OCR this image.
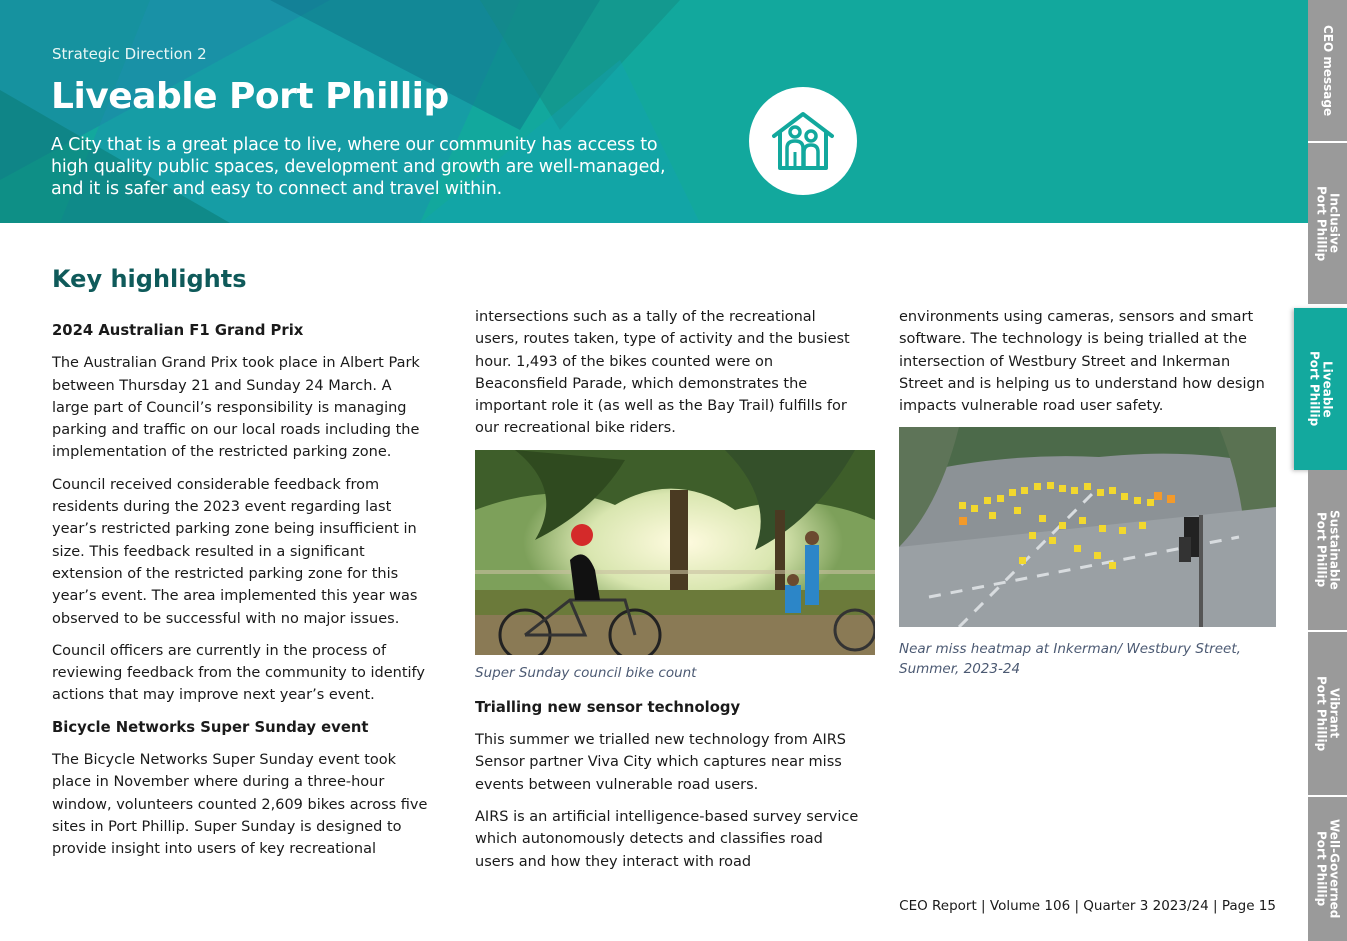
Strategic Direction 2
Liveable Port Phillip
A City that is a great place to live, where our community has access to high quality public spaces, development and growth are well-managed, and it is safer and easy to connect and travel within.
CEO message
Inclusive
Port Phillip
Liveable
Port Phillip
Sustainable
Port Phillip
Vibrant
Port Phillip
Well-Governed
Port Phillip
Key highlights
2024 Australian F1 Grand Prix
The Australian Grand Prix took place in Albert Park between Thursday 21 and Sunday 24 March. A large part of Council’s responsibility is managing parking and traffic on our local roads including the implementation of the restricted parking zone.
Council received considerable feedback from residents during the 2023 event regarding last year’s restricted parking zone being insufficient in size. This feedback resulted in a significant extension of the restricted parking zone for this year’s event. The area implemented this year was observed to be successful with no major issues.
Council officers are currently in the process of reviewing feedback from the community to identify actions that may improve next year’s event.
Bicycle Networks Super Sunday event
The Bicycle Networks Super Sunday event took place in November where during a three-hour window, volunteers counted 2,609 bikes across five sites in Port Phillip. Super Sunday is designed to provide insight into users of key recreational
intersections such as a tally of the recreational users, routes taken, type of activity and the busiest hour. 1,493 of the bikes counted were on Beaconsfield Parade, which demonstrates the important role it (as well as the Bay Trail) fulfills for our recreational bike riders.
Super Sunday council bike count
Trialling new sensor technology
This summer we trialled new technology from AIRS Sensor partner Viva City which captures near miss events between vulnerable road users.
AIRS is an artificial intelligence-based survey service which autonomously detects and classifies road users and how they interact with road
environments using cameras, sensors and smart software. The technology is being trialled at the intersection of Westbury Street and Inkerman Street and is helping us to understand how design impacts vulnerable road user safety.
Near miss heatmap at Inkerman/ Westbury Street, Summer, 2023-24
CEO Report | Volume 106 | Quarter 3 2023/24 | Page 15
